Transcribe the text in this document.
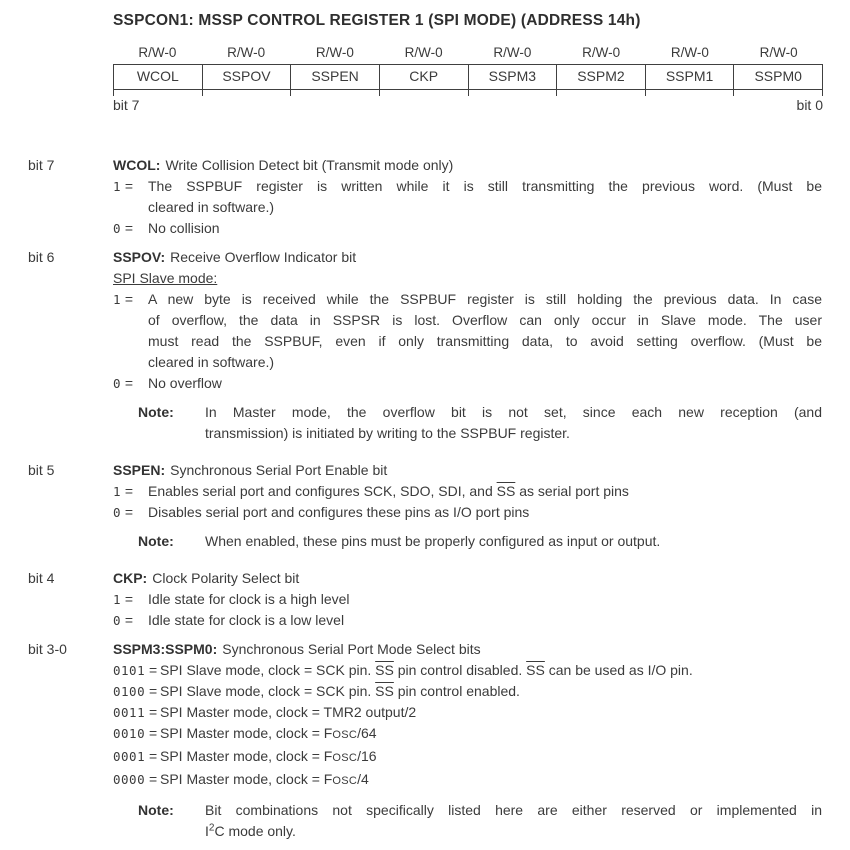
SSPCON1: MSSP CONTROL REGISTER 1 (SPI MODE) (ADDRESS 14h)
R/W-0	R/W-0	R/W-0	R/W-0	R/W-0	R/W-0	R/W-0	R/W-0
WCOL	SSPOV	SSPEN	CKP	SSPM3	SSPM2	SSPM1	SSPM0
bit 7	bit 0
bit 7	WCOL: Write Collision Detect bit (Transmit mode only)
1 =	The SSPBUF register is written while it is still transmitting the previous word. (Must be
cleared in software.)
0 =	No collision
bit 6	SSPOV: Receive Overflow Indicator bit
SPI Slave mode:
1 =	A new byte is received while the SSPBUF register is still holding the previous data. In case
of overflow, the data in SSPSR is lost. Overflow can only occur in Slave mode. The user
must read the SSPBUF, even if only transmitting data, to avoid setting overflow. (Must be
cleared in software.)
0 =	No overflow
Note:	In Master mode, the overflow bit is not set, since each new reception (and
transmission) is initiated by writing to the SSPBUF register.
bit 5	SSPEN: Synchronous Serial Port Enable bit
1 =	Enables serial port and configures SCK, SDO, SDI, and $\overline{SS}$ as serial port pins
0 =	Disables serial port and configures these pins as I/O port pins
Note:	When enabled, these pins must be properly configured as input or output.
bit 4	CKP: Clock Polarity Select bit
1 =	Idle state for clock is a high level
0 =	Idle state for clock is a low level
bit 3-0	SSPM3:SSPM0: Synchronous Serial Port Mode Select bits
0101 = SPI Slave mode, clock = SCK pin. $\overline{SS}$ pin control disabled. $\overline{SS}$ can be used as I/O pin.
0100 = SPI Slave mode, clock = SCK pin. $\overline{SS}$ pin control enabled.
0011 = SPI Master mode, clock = TMR2 output/2
0010 = SPI Master mode, clock = FOSC/64
0001 = SPI Master mode, clock = FOSC/16
0000 = SPI Master mode, clock = FOSC/4
Note:	Bit combinations not specifically listed here are either reserved or implemented in
$I^2C$ mode only.
